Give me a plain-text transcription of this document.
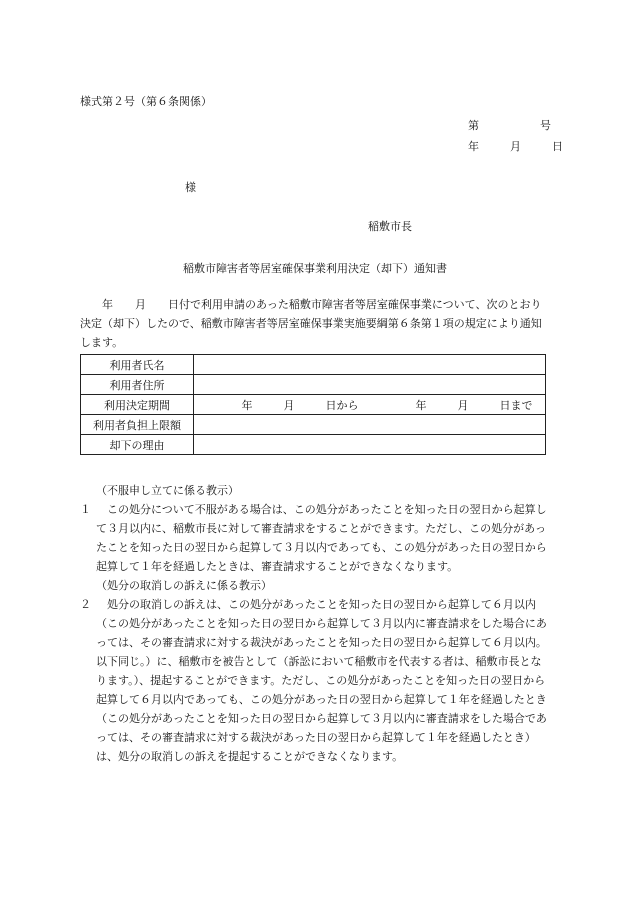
様式第２号（第６条関係）
第	号
年	月	日
様
稲敷市長
稲敷市障害者等居室確保事業利用決定（却下）通知書
　　年　　月　　日付で利用申請のあった稲敷市障害者等居室確保事業について、次のとおり決定（却下）したので、稲敷市障害者等居室確保事業実施要綱第６条第１項の規定により通知します。
利用者氏名	
利用者住所	
利用決定期間	年 月 日から 年 月 日まで
利用者負担上限額	
却下の理由	
（不服申し立てに係る教示）
１ 　この処分について不服がある場合は、この処分があったことを知った日の翌日から起算して３月以内に、稲敷市長に対して審査請求をすることができます。ただし、この処分があったことを知った日の翌日から起算して３月以内であっても、この処分があった日の翌日から起算して１年を経過したときは、審査請求することができなくなります。
（処分の取消しの訴えに係る教示）
２ 　処分の取消しの訴えは、この処分があったことを知った日の翌日から起算して６月以内（この処分があったことを知った日の翌日から起算して３月以内に審査請求をした場合にあっては、その審査請求に対する裁決があったことを知った日の翌日から起算して６月以内。以下同じ。）に、稲敷市を被告として（訴訟において稲敷市を代表する者は、稲敷市長となります。）、提起することができます。ただし、この処分があったことを知った日の翌日から起算して６月以内であっても、この処分があった日の翌日から起算して１年を経過したとき（この処分があったことを知った日の翌日から起算して３月以内に審査請求をした場合であっては、その審査請求に対する裁決があった日の翌日から起算して１年を経過したとき）は、処分の取消しの訴えを提起することができなくなります。
